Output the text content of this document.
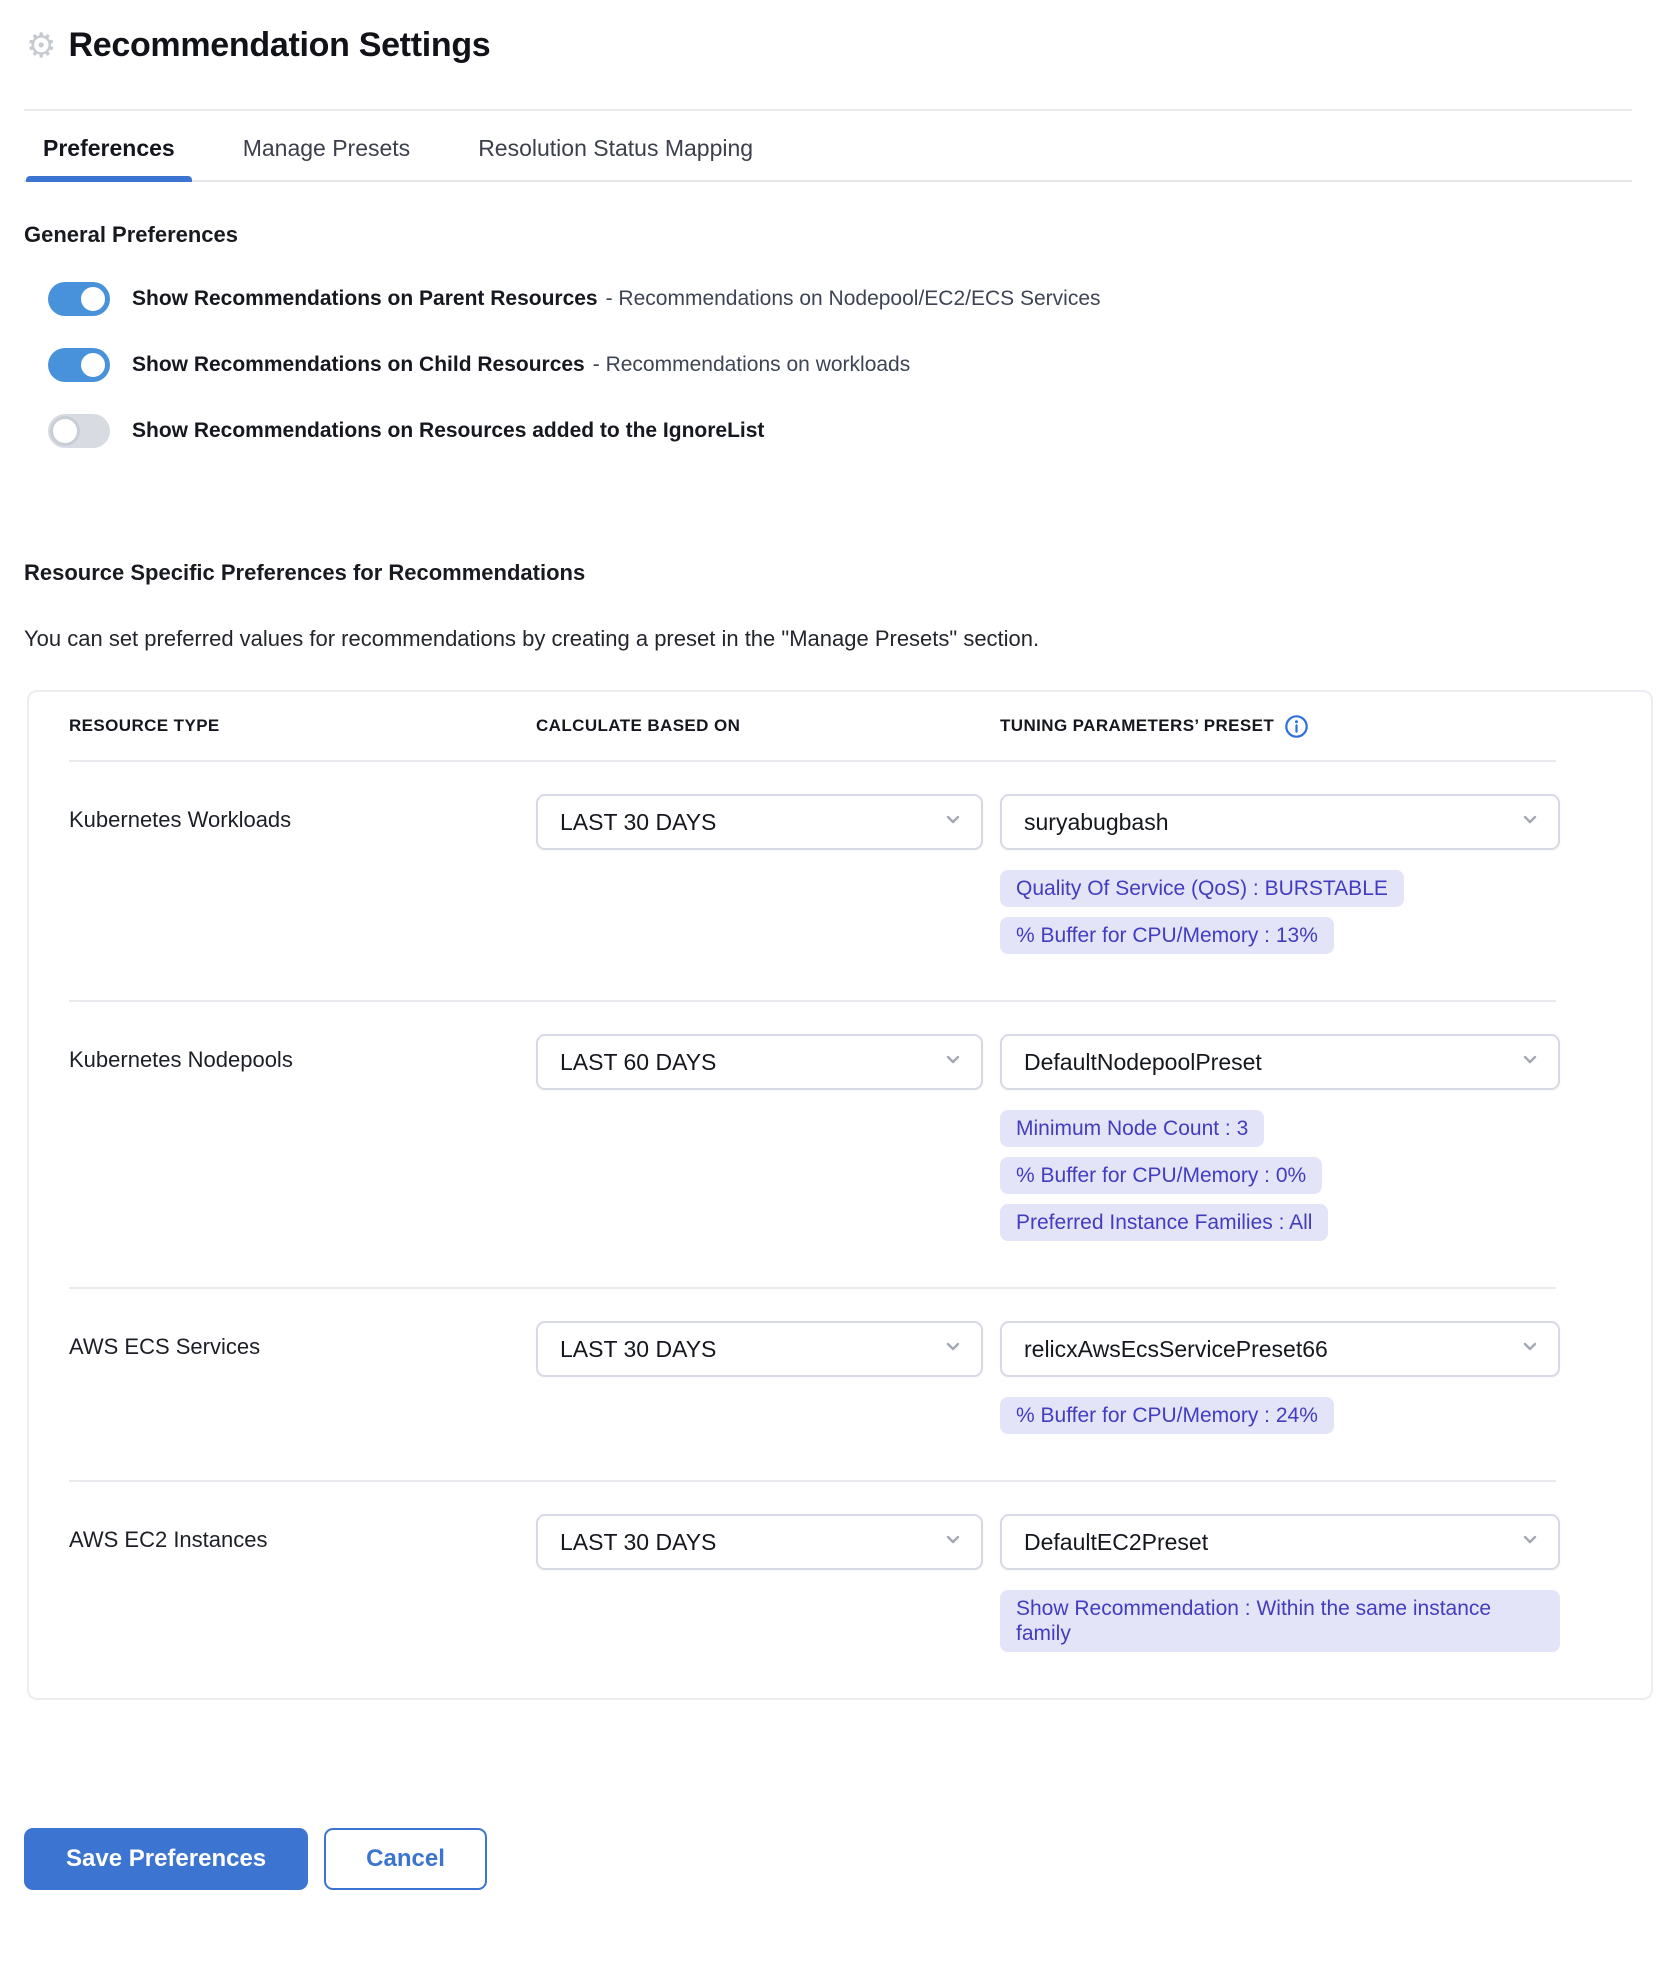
⚙ Recommendation Settings
Preferences	Manage Presets	Resolution Status Mapping
General Preferences
Show Recommendations on Parent Resources - Recommendations on Nodepool/EC2/ECS Services
Show Recommendations on Child Resources - Recommendations on workloads
Show Recommendations on Resources added to the IgnoreList
Resource Specific Preferences for Recommendations
You can set preferred values for recommendations by creating a preset in the "Manage Presets" section.
RESOURCE TYPE	CALCULATE BASED ON	TUNING PARAMETERS’ PRESET
Kubernetes Workloads	LAST 30 DAYS	suryabugbash
Quality Of Service (QoS) : BURSTABLE
% Buffer for CPU/Memory : 13%
Kubernetes Nodepools	LAST 60 DAYS	DefaultNodepoolPreset
Minimum Node Count : 3
% Buffer for CPU/Memory : 0%
Preferred Instance Families : All
AWS ECS Services	LAST 30 DAYS	relicxAwsEcsServicePreset66
% Buffer for CPU/Memory : 24%
AWS EC2 Instances	LAST 30 DAYS	DefaultEC2Preset
Show Recommendation : Within the same instance family
Save Preferences	Cancel
